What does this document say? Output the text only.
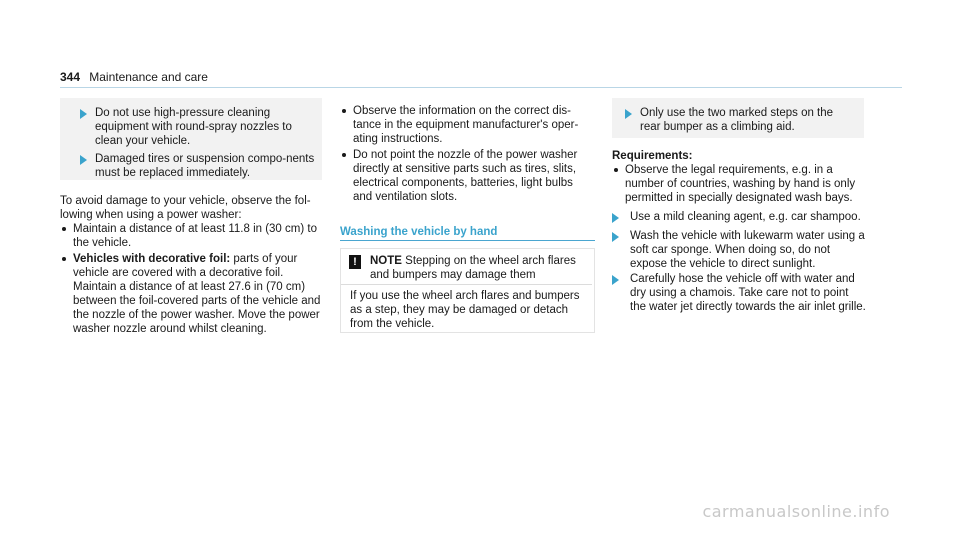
344 Maintenance and care

Do not use high-pressure cleaning equipment with round-spray nozzles to clean your vehicle.

Damaged tires or suspension compo-nents must be replaced immediately.

To avoid damage to your vehicle, observe the fol-lowing when using a power washer:

Maintain a distance of at least 11.8 in (30 cm) to the vehicle.
Vehicles with decorative foil: parts of your vehicle are covered with a decorative foil. Maintain a distance of at least 27.6 in (70 cm) between the foil-covered parts of the vehicle and the nozzle of the power washer. Move the power washer nozzle around whilst cleaning.
Observe the information on the correct dis-tance in the equipment manufacturer's oper-ating instructions.
Do not point the nozzle of the power washer directly at sensitive parts such as tires, slits, electrical components, batteries, light bulbs and ventilation slots.
Washing the vehicle by hand
!	NOTE Stepping on the wheel arch flares and bumpers may damage them

If you use the wheel arch flares and bumpers as a step, they may be damaged or detach from the vehicle.

Only use the two marked steps on the rear bumper as a climbing aid.

Requirements:
Observe the legal requirements, e.g. in a number of countries, washing by hand is only permitted in specially designated wash bays.

Use a mild cleaning agent, e.g. car shampoo.

Wash the vehicle with lukewarm water using a soft car sponge. When doing so, do not expose the vehicle to direct sunlight.

Carefully hose the vehicle off with water and dry using a chamois. Take care not to point the water jet directly towards the air inlet grille.

carmanualsonline.info
